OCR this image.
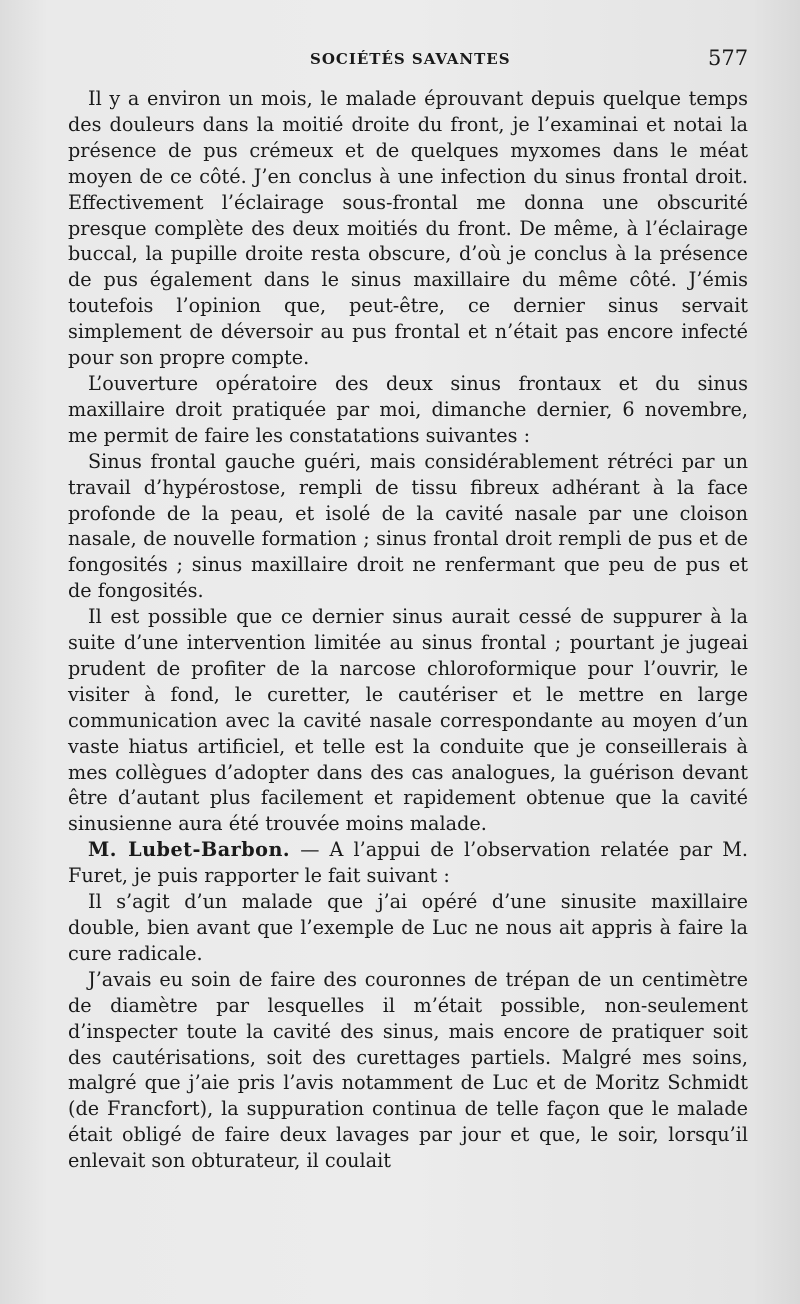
SOCIÉTÉS SAVANTES	577

Il y a environ un mois, le malade éprouvant depuis quelque temps des douleurs dans la moitié droite du front, je l’examinai et notai la présence de pus crémeux et de quelques myxomes dans le méat moyen de ce côté. J’en conclus à une infection du sinus frontal droit. Effectivement l’éclairage sous-frontal me donna une obscurité presque complète des deux moitiés du front. De même, à l’éclairage buccal, la pupille droite resta obscure, d’où je conclus à la présence de pus également dans le sinus maxillaire du même côté. J’émis toutefois l’opinion que, peut-être, ce dernier sinus servait simplement de déversoir au pus frontal et n’était pas encore infecté pour son propre compte.

L’ouverture opératoire des deux sinus frontaux et du sinus maxillaire droit pratiquée par moi, dimanche dernier, 6 novembre, me permit de faire les constatations suivantes :

Sinus frontal gauche guéri, mais considérablement rétréci par un travail d’hypérostose, rempli de tissu fibreux adhérant à la face profonde de la peau, et isolé de la cavité nasale par une cloison nasale, de nouvelle formation ; sinus frontal droit rempli de pus et de fongosités ; sinus maxillaire droit ne renfermant que peu de pus et de fongosités.

Il est possible que ce dernier sinus aurait cessé de suppurer à la suite d’une intervention limitée au sinus frontal ; pourtant je jugeai prudent de profiter de la narcose chloroformique pour l’ouvrir, le visiter à fond, le curetter, le cautériser et le mettre en large communication avec la cavité nasale correspondante au moyen d’un vaste hiatus artificiel, et telle est la conduite que je conseillerais à mes collègues d’adopter dans des cas analogues, la guérison devant être d’autant plus facilement et rapidement obtenue que la cavité sinusienne aura été trouvée moins malade.

M. Lubet-Barbon. — A l’appui de l’observation relatée par M. Furet, je puis rapporter le fait suivant :

Il s’agit d’un malade que j’ai opéré d’une sinusite maxillaire double, bien avant que l’exemple de Luc ne nous ait appris à faire la cure radicale.

J’avais eu soin de faire des couronnes de trépan de un centimètre de diamètre par lesquelles il m’était possible, non-seulement d’inspecter toute la cavité des sinus, mais encore de pratiquer soit des cautérisations, soit des curettages partiels. Malgré mes soins, malgré que j’aie pris l’avis notamment de Luc et de Moritz Schmidt (de Francfort), la suppuration continua de telle façon que le malade était obligé de faire deux lavages par jour et que, le soir, lorsqu’il enlevait son obturateur, il coulait
